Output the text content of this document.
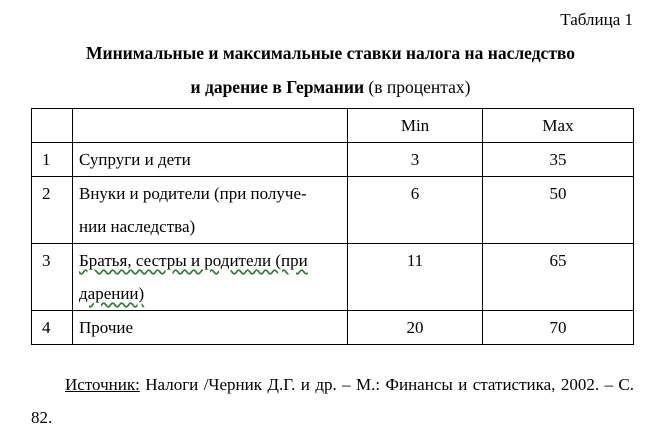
Таблица 1
Минимальные и максимальные ставки налога на наследство
и дарение в Германии (в процентах)
		Min	Max
1	Супруги и дети	3	35
2	Внуки и родители (при получе-
нии наследства)	6	50
3	Братья, сестры и родители (при
дарении)	11	65
4	Прочие	20	70
Источник: Налоги /Черник Д.Г. и др. – М.: Финансы и статистика, 2002. – С. 82.
